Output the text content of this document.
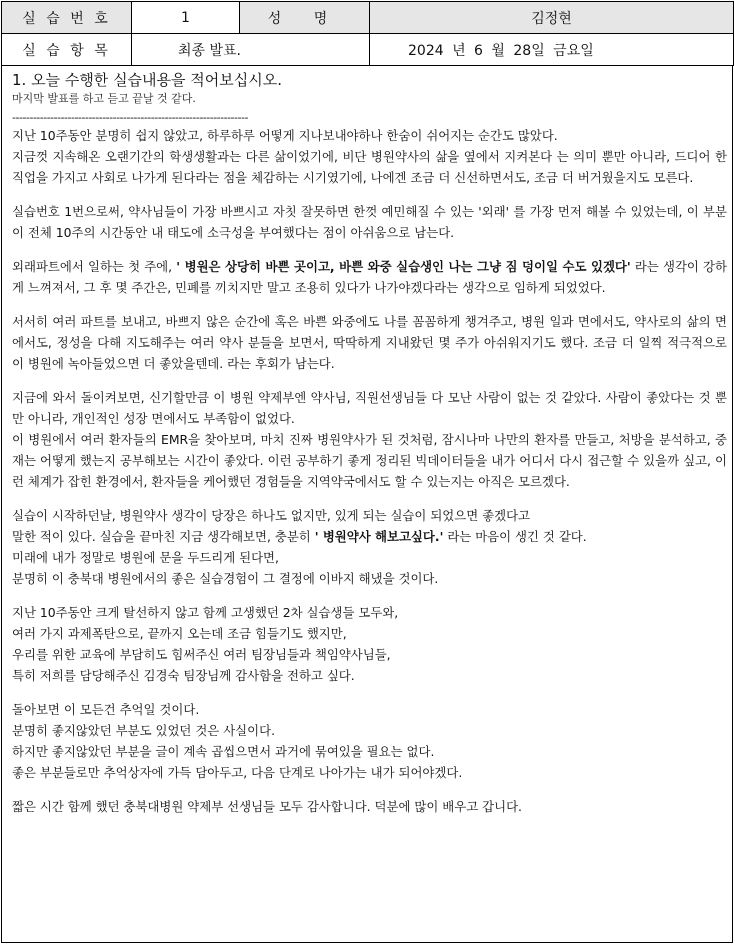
실 습 번 호	1	성 명	김정현
실 습 항 목	최종 발표.		2024 년 6 월 28일 금요일

1. 오늘 수행한 실습내용을 적어보십시오.

마지막 발표를 하고 듣고 끝날 것 같다.

--------------------------------------------------------------------

지난 10주동안 분명히 쉽지 않았고, 하루하루 어떻게 지나보내야하나 한숨이 쉬어지는 순간도 많았다.

지금껏 지속해온 오랜기간의 학생생활과는 다른 삶이었기에, 비단 병원약사의 삶을 옆에서 지켜본다 는 의미 뿐만 아니라, 드디어 한 직업을 가지고 사회로 나가게 된다라는 점을 체감하는 시기였기에, 나에겐 조금 더 신선하면서도, 조금 더 버거웠을지도 모른다.

실습번호 1번으로써, 약사님들이 가장 바쁘시고 자칫 잘못하면 한껏 예민해질 수 있는 '외래' 를 가장 먼저 해볼 수 있었는데, 이 부분이 전체 10주의 시간동안 내 태도에 소극성을 부여했다는 점이 아쉬움으로 남는다.

외래파트에서 일하는 첫 주에, ' 병원은 상당히 바쁜 곳이고, 바쁜 와중 실습생인 나는 그냥 짐 덩이일 수도 있겠다' 라는 생각이 강하게 느껴져서, 그 후 몇 주간은, 민폐를 끼치지만 말고 조용히 있다가 나가야겠다라는 생각으로 임하게 되었었다.

서서히 여러 파트를 보내고, 바쁘지 않은 순간에 혹은 바쁜 와중에도 나를 꼼꼼하게 챙겨주고, 병원 일과 면에서도, 약사로의 삶의 면에서도, 정성을 다해 지도해주는 여러 약사 분들을 보면서, 딱딱하게 지내왔던 몇 주가 아쉬워지기도 했다. 조금 더 일찍 적극적으로 이 병원에 녹아들었으면 더 좋았을텐데. 라는 후회가 남는다.

지금에 와서 돌이켜보면, 신기할만큼 이 병원 약제부엔 약사님, 직원선생님들 다 모난 사람이 없는 것 같았다. 사람이 좋았다는 것 뿐만 아니라, 개인적인 성장 면에서도 부족함이 없었다.

이 병원에서 여러 환자들의 EMR을 찾아보며, 마치 진짜 병원약사가 된 것처럼, 잠시나마 나만의 환자를 만들고, 처방을 분석하고, 중재는 어떻게 했는지 공부해보는 시간이 좋았다. 이런 공부하기 좋게 정리된 빅데이터들을 내가 어디서 다시 접근할 수 있을까 싶고, 이런 체계가 잡힌 환경에서, 환자들을 케어했던 경험들을 지역약국에서도 할 수 있는지는 아직은 모르겠다.

실습이 시작하던날, 병원약사 생각이 당장은 하나도 없지만, 있게 되는 실습이 되었으면 좋겠다고

말한 적이 있다. 실습을 끝마친 지금 생각해보면, 충분히 ' 병원약사 해보고싶다.' 라는 마음이 생긴 것 같다.

미래에 내가 정말로 병원에 문을 두드리게 된다면,

분명히 이 충북대 병원에서의 좋은 실습경험이 그 결정에 이바지 해냈을 것이다.

지난 10주동안 크게 탈선하지 않고 함께 고생했던 2차 실습생들 모두와,

여러 가지 과제폭탄으로, 끝까지 오는데 조금 힘들기도 했지만,

우리를 위한 교육에 부담히도 힘써주신 여러 팀장님들과 책임약사님들,

특히 저희를 담당해주신 김경숙 팀장님께 감사함을 전하고 싶다.

돌아보면 이 모든건 추억일 것이다.

분명히 좋지않았던 부분도 있었던 것은 사실이다.

하지만 좋지않았던 부분을 글이 계속 곱씹으면서 과거에 묶여있을 필요는 없다.

좋은 부분들로만 추억상자에 가득 담아두고, 다음 단계로 나아가는 내가 되어야겠다.

짧은 시간 함께 했던 충북대병원 약제부 선생님들 모두 감사합니다. 덕분에 많이 배우고 갑니다.
